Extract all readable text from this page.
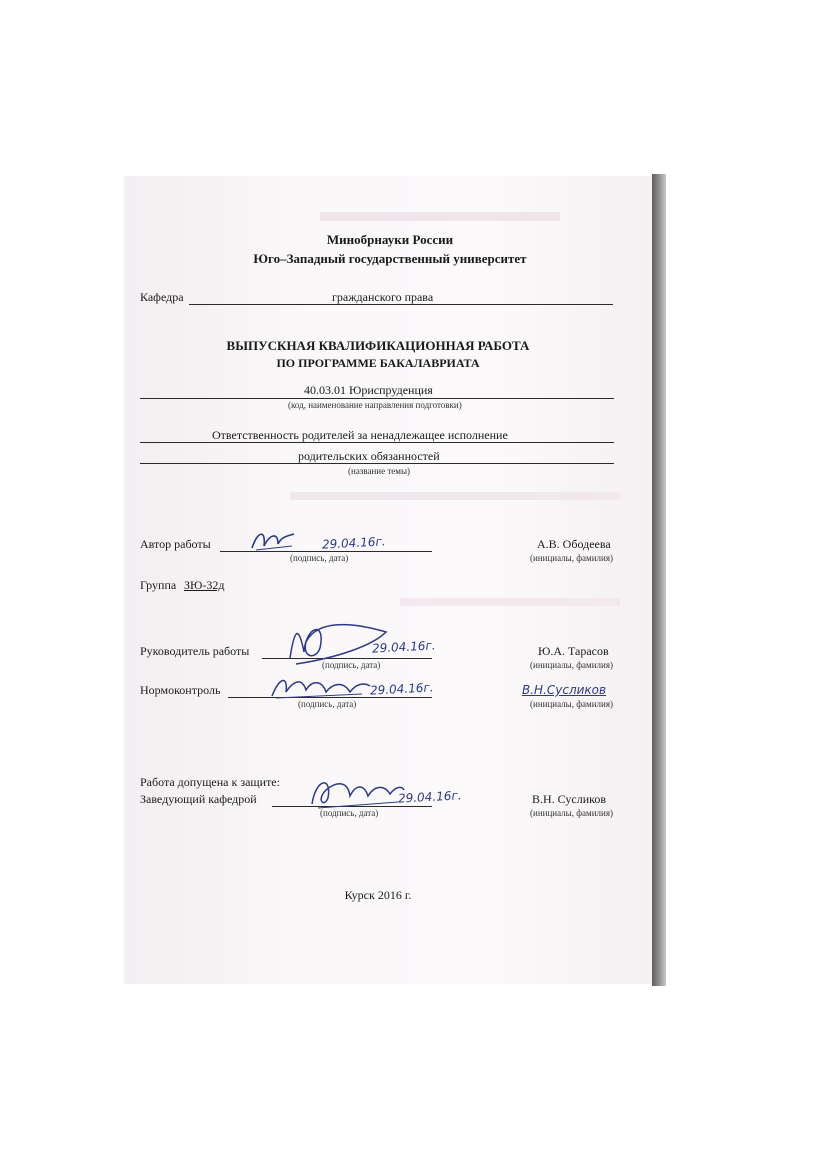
Минобрнауки России
Юго–Западный государственный университет
Кафедра	гражданского права
ВЫПУСКНАЯ КВАЛИФИКАЦИОННАЯ РАБОТА
ПО ПРОГРАММЕ БАКАЛАВРИАТА
40.03.01 Юриспруденция
(код, наименование направления подготовки)
Ответственность родителей за ненадлежащее исполнение
родительских обязанностей
(название темы)
Автор работы	29.04.16г.
(подпись, дата)
А.В. Ободеева
(инициалы, фамилия)
Группа ЗЮ-32д
Руководитель работы	29.04.16г.
(подпись, дата)
Ю.А. Тарасов
(инициалы, фамилия)
Нормоконтроль	29.04.16г.
(подпись, дата)
В.Н.Сусликов
(инициалы, фамилия)
Работа допущена к защите:
Заведующий кафедрой	29.04.16г.
(подпись, дата)
В.Н. Сусликов
(инициалы, фамилия)
Курск 2016 г.
